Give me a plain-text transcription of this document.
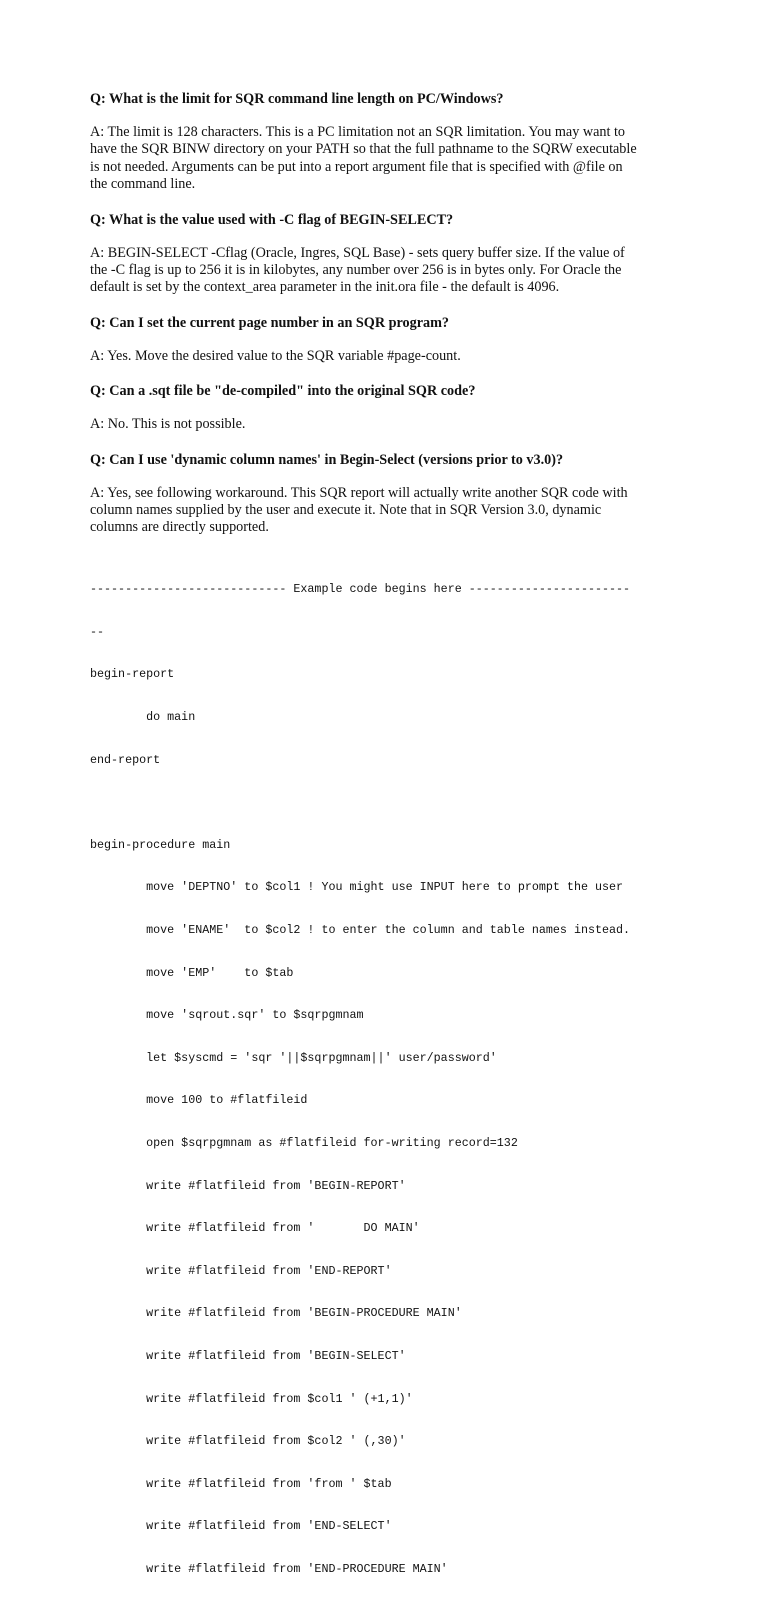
Q: What is the limit for SQR command line length on PC/Windows?
A: The limit is 128 characters. This is a PC limitation not an SQR limitation. You may want to
have the SQR BINW directory on your PATH so that the full pathname to the SQRW executable
is not needed. Arguments can be put into a report argument file that is specified with @file on
the command line.
Q: What is the value used with -C flag of BEGIN-SELECT?
A: BEGIN-SELECT -Cflag (Oracle, Ingres, SQL Base) - sets query buffer size. If the value of
the -C flag is up to 256 it is in kilobytes, any number over 256 is in bytes only. For Oracle the
default is set by the context_area parameter in the init.ora file - the default is 4096.
Q: Can I set the current page number in an SQR program?
A: Yes. Move the desired value to the SQR variable #page-count.
Q: Can a .sqt file be "de-compiled" into the original SQR code?
A: No. This is not possible.
Q: Can I use 'dynamic column names' in Begin-Select (versions prior to v3.0)?
A: Yes, see following workaround. This SQR report will actually write another SQR code with
column names supplied by the user and execute it. Note that in SQR Version 3.0, dynamic
columns are directly supported.

---------------------------- Example code begins here -----------------------

--

begin-report

do main

end-report

begin-procedure main

move 'DEPTNO' to $col1 ! You might use INPUT here to prompt the user

move 'ENAME'  to $col2 ! to enter the column and table names instead.

move 'EMP'    to $tab

move 'sqrout.sqr' to $sqrpgmnam

let $syscmd = 'sqr '||$sqrpgmnam||' user/password'

move 100 to #flatfileid

open $sqrpgmnam as #flatfileid for-writing record=132

write #flatfileid from 'BEGIN-REPORT'

write #flatfileid from '       DO MAIN'

write #flatfileid from 'END-REPORT'

write #flatfileid from 'BEGIN-PROCEDURE MAIN'

write #flatfileid from 'BEGIN-SELECT'

write #flatfileid from $col1 ' (+1,1)'

write #flatfileid from $col2 ' (,30)'

write #flatfileid from 'from ' $tab

write #flatfileid from 'END-SELECT'

write #flatfileid from 'END-PROCEDURE MAIN'
